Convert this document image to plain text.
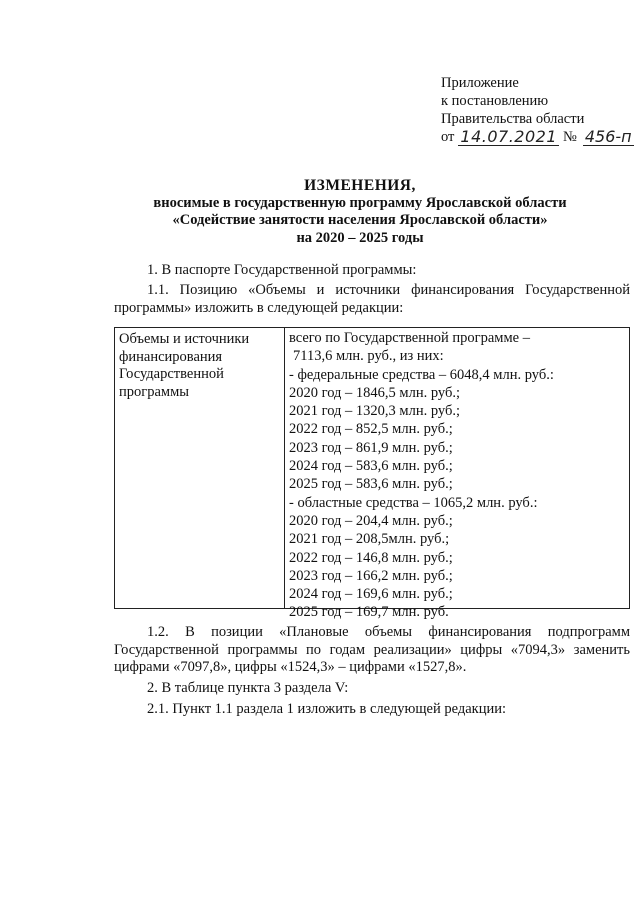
Приложение
к постановлению
Правительства области
от 14.07.2021 № 456-п
ИЗМЕНЕНИЯ,
вносимые в государственную программу Ярославской области
«Содействие занятости населения Ярославской области»
на 2020 – 2025 годы
1. В паспорте Государственной программы:
1.1. Позицию «Объемы и источники финансирования Государственной программы» изложить в следующей редакции:
Объемы и источники
финансирования
Государственной
программы
всего по Государственной программе –
7113,6 млн. руб., из них:
- федеральные средства – 6048,4 млн. руб.:
2020 год – 1846,5 млн. руб.;
2021 год – 1320,3 млн. руб.;
2022 год – 852,5 млн. руб.;
2023 год – 861,9 млн. руб.;
2024 год – 583,6 млн. руб.;
2025 год – 583,6 млн. руб.;
- областные средства – 1065,2 млн. руб.:
2020 год – 204,4 млн. руб.;
2021 год – 208,5млн. руб.;
2022 год – 146,8 млн. руб.;
2023 год – 166,2 млн. руб.;
2024 год – 169,6 млн. руб.;
2025 год – 169,7 млн. руб.
1.2. В позиции «Плановые объемы финансирования подпрограмм Государственной программы по годам реализации» цифры «7094,3» заменить цифрами «7097,8», цифры «1524,3» – цифрами «1527,8».
2. В таблице пункта 3 раздела V:
2.1. Пункт 1.1 раздела 1 изложить в следующей редакции:
